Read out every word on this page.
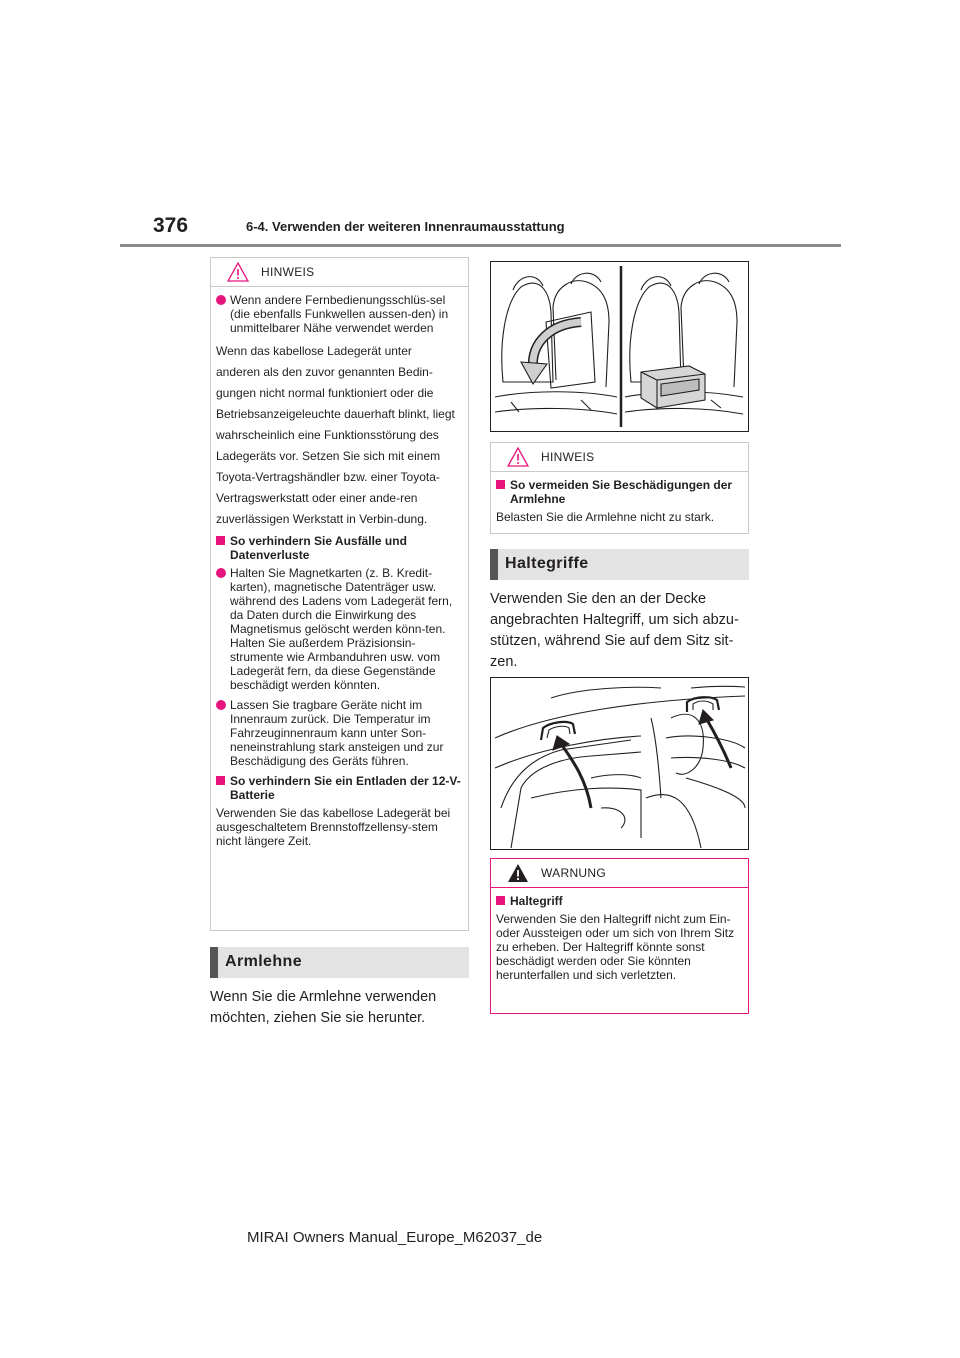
376	6-4. Verwenden der weiteren Innenraumausstattung
HINWEIS
Wenn andere Fernbedienungsschlüs-sel (die ebenfalls Funkwellen aussen-den) in unmittelbarer Nähe verwendet werden
Wenn das kabellose Ladegerät unter anderen als den zuvor genannten Bedin-gungen nicht normal funktioniert oder die Betriebsanzeigeleuchte dauerhaft blinkt, liegt wahrscheinlich eine Funktionsstörung des Ladegeräts vor. Setzen Sie sich mit einem Toyota-Vertragshändler bzw. einer Toyota-Vertragswerkstatt oder einer ande-ren zuverlässigen Werkstatt in Verbin-dung.
So verhindern Sie Ausfälle und Datenverluste
Halten Sie Magnetkarten (z. B. Kredit-karten), magnetische Datenträger usw. während des Ladens vom Ladegerät fern, da Daten durch die Einwirkung des Magnetismus gelöscht werden könn-ten. Halten Sie außerdem Präzisionsin-strumente wie Armbanduhren usw. vom Ladegerät fern, da diese Gegenstände beschädigt werden könnten.
Lassen Sie tragbare Geräte nicht im Innenraum zurück. Die Temperatur im Fahrzeuginnenraum kann unter Son-neneinstrahlung stark ansteigen und zur Beschädigung des Geräts führen.
So verhindern Sie ein Entladen der 12-V-Batterie
Verwenden Sie das kabellose Ladegerät bei ausgeschaltetem Brennstoffzellensy-stem nicht längere Zeit.
Armlehne
Wenn Sie die Armlehne verwenden möchten, ziehen Sie sie herunter.
HINWEIS
So vermeiden Sie Beschädigungen der Armlehne
Belasten Sie die Armlehne nicht zu stark.
Haltegriffe
Verwenden Sie den an der Decke angebrachten Haltegriff, um sich abzu-stützen, während Sie auf dem Sitz sit-zen.
WARNUNG
Haltegriff
Verwenden Sie den Haltegriff nicht zum Ein- oder Aussteigen oder um sich von Ihrem Sitz zu erheben. Der Haltegriff könnte sonst beschädigt werden oder Sie könnten herunterfallen und sich verletzten.
MIRAI Owners Manual_Europe_M62037_de
